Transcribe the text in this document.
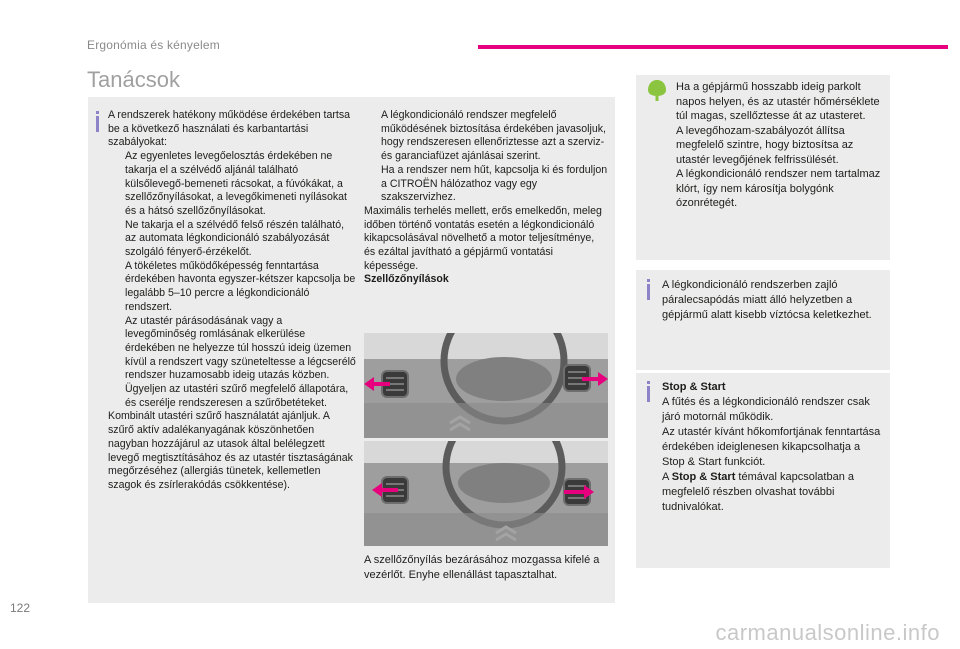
Ergonómia és kényelem
Tanácsok

A rendszerek hatékony működése érdekében tartsa be a következő használati és karbantartási szabályokat:

Az egyenletes levegőelosztás érdekében ne takarja el a szélvédő aljánál található külsőlevegő-bemeneti rácsokat, a fúvókákat, a szellőzőnyílásokat, a levegőkimeneti nyílásokat és a hátsó szellőzőnyílásokat.
Ne takarja el a szélvédő felső részén található, az automata légkondicionáló szabályozását szolgáló fényerő-érzékelőt.
A tökéletes működőképesség fenntartása érdekében havonta egyszer-kétszer kapcsolja be legalább 5–10 percre a légkondicionáló rendszert.
Az utastér párásodásának vagy a levegőminőség romlásának elkerülése érdekében ne helyezze túl hosszú ideig üzemen kívül a rendszert vagy szüneteltesse a légcserélő rendszer huzamosabb ideig utazás közben.
Ügyeljen az utastéri szűrő megfelelő állapotára, és cserélje rendszeresen a szűrőbetéteket.

Kombinált utastéri szűrő használatát ajánljuk. A szűrő aktív adalékanyagának köszönhetően nagyban hozzájárul az utasok által belélegzett levegő megtisztításához és az utastér tisztaságának megőrzéséhez (allergiás tünetek, kellemetlen szagok és zsírlerakódás csökkentése).

A légkondicionáló rendszer megfelelő működésének biztosítása érdekében javasoljuk, hogy rendszeresen ellenőriztesse azt a szerviz- és garanciafüzet ajánlásai szerint.
Ha a rendszer nem hűt, kapcsolja ki és forduljon a CITROËN hálózathoz vagy egy szakszervizhez.

Maximális terhelés mellett, erős emelkedőn, meleg időben történő vontatás esetén a légkondicionáló kikapcsolásával növelhető a motor teljesítménye, és ezáltal javítható a gépjármű vontatási képessége.

Szellőzőnyílások

A szellőzőnyílás bezárásához mozgassa kifelé a vezérlőt. Enyhe ellenállást tapasztalhat.
Ha a gépjármű hosszabb ideig parkolt napos helyen, és az utastér hőmérséklete túl magas, szellőztesse át az utasteret.
A levegőhozam-szabályozót állítsa megfelelő szintre, hogy biztosítsa az utastér levegőjének felfrissülését.
A légkondicionáló rendszer nem tartalmaz klórt, így nem károsítja bolygónk ózonrétegét.
A légkondicionáló rendszerben zajló páralecsapódás miatt álló helyzetben a gépjármű alatt kisebb víztócsa keletkezhet.

Stop & Start

A fűtés és a légkondicionáló rendszer csak járó motornál működik.
Az utastér kívánt hőkomfortjának fenntartása érdekében ideiglenesen kikapcsolhatja a Stop & Start funkciót.
A Stop & Start témával kapcsolatban a megfelelő részben olvashat további tudnivalókat.

122
carmanualsonline.info
